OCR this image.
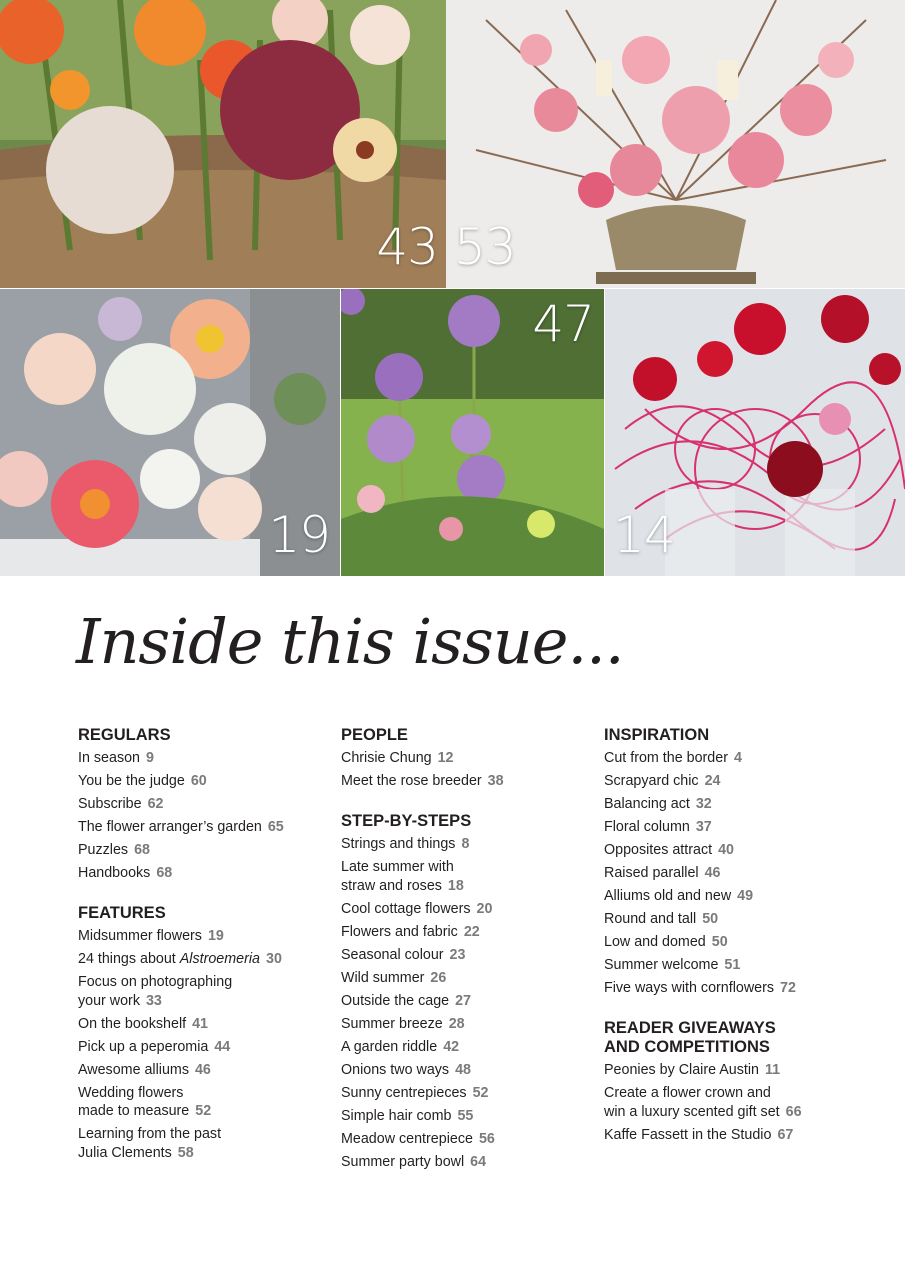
43 53
19
47
14
Inside this issue...
REGULARS
In season 9
You be the judge 60
Subscribe 62
The flower arranger’s garden 65
Puzzles 68
Handbooks 68
FEATURES
Midsummer flowers 19
24 things about Alstroemeria 30
Focus on photographing
your work 33
On the bookshelf 41
Pick up a peperomia 44
Awesome alliums 46
Wedding flowers
made to measure 52
Learning from the past
Julia Clements 58
PEOPLE
Chrisie Chung 12
Meet the rose breeder 38
STEP-BY-STEPS
Strings and things 8
Late summer with
straw and roses 18
Cool cottage flowers 20
Flowers and fabric 22
Seasonal colour 23
Wild summer 26
Outside the cage 27
Summer breeze 28
A garden riddle 42
Onions two ways 48
Sunny centrepieces 52
Simple hair comb 55
Meadow centrepiece 56
Summer party bowl 64
INSPIRATION
Cut from the border 4
Scrapyard chic 24
Balancing act 32
Floral column 37
Opposites attract 40
Raised parallel 46
Alliums old and new 49
Round and tall 50
Low and domed 50
Summer welcome 51
Five ways with cornflowers 72
READER GIVEAWAYS
AND COMPETITIONS
Peonies by Claire Austin 11
Create a flower crown and
win a luxury scented gift set 66
Kaffe Fassett in the Studio 67
